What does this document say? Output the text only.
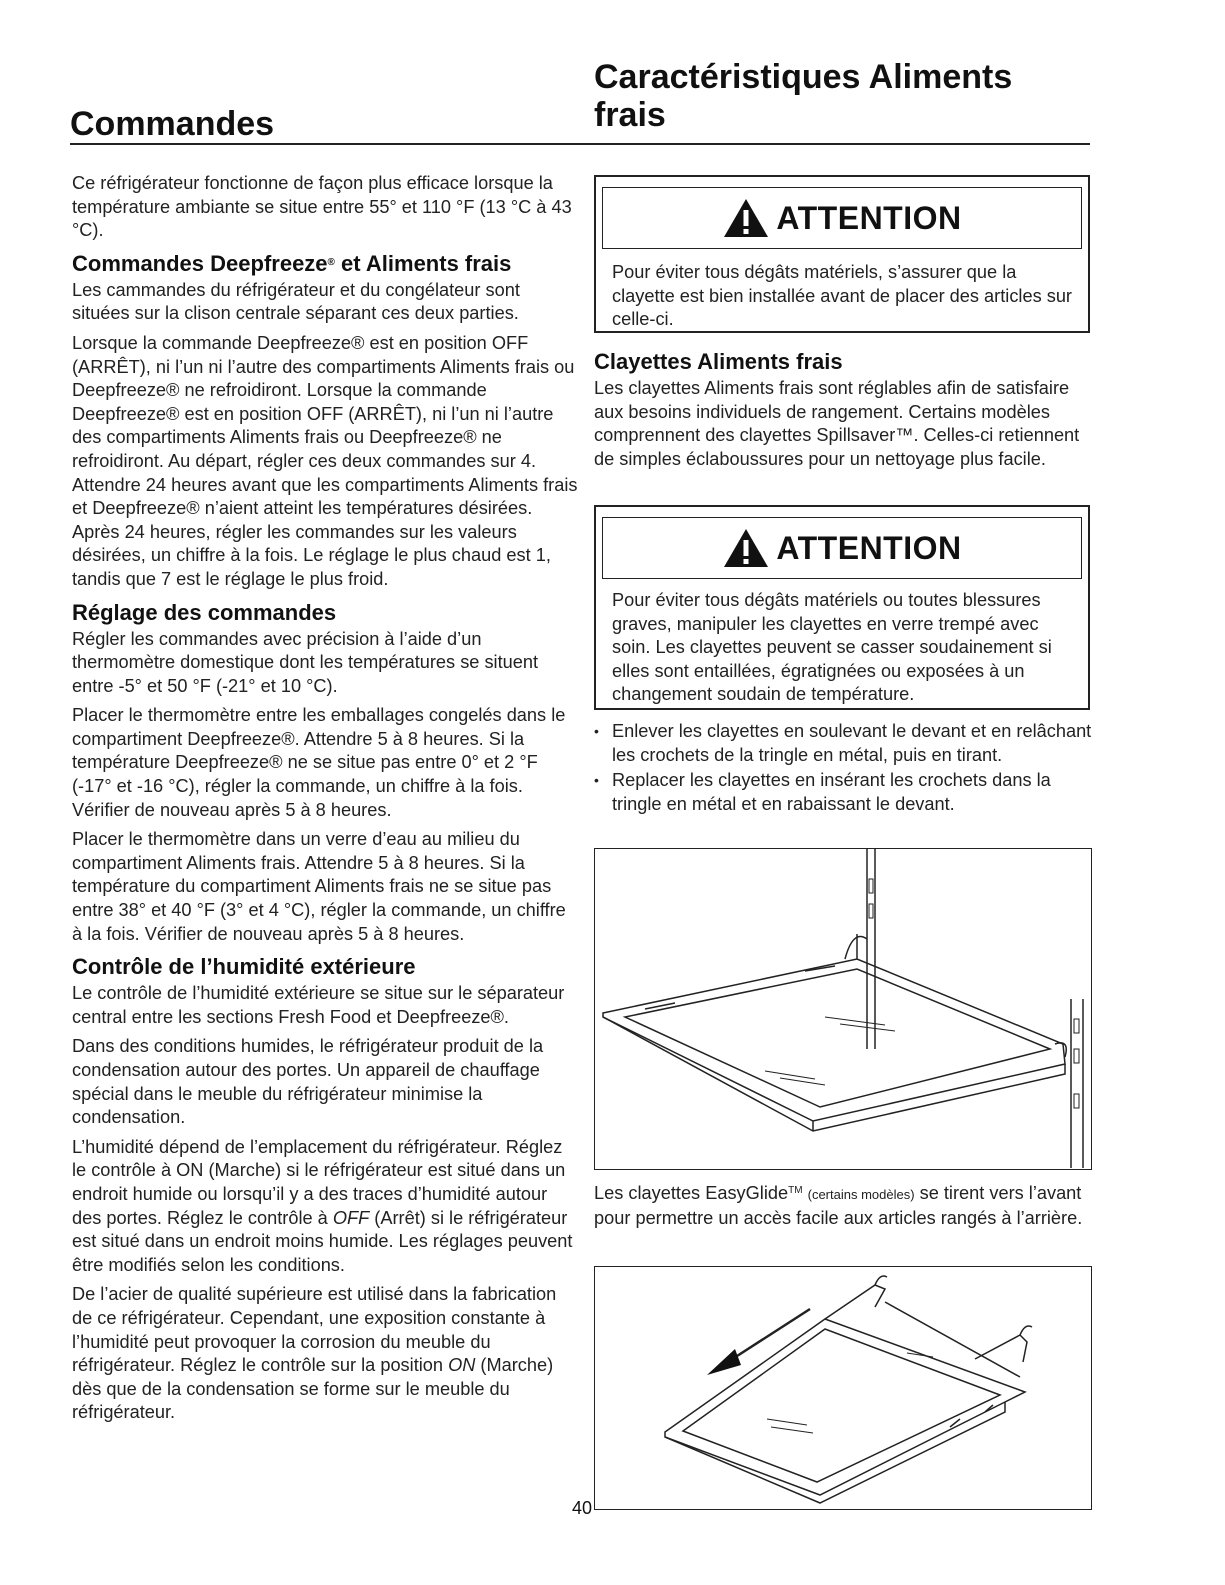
Commandes
Caractéristiques Aliments
frais

Ce réfrigérateur fonctionne de façon plus efficace lorsque la température ambiante se situe entre 55° et 110 °F (13 °C à 43 °C).

Commandes Deepfreeze® et Aliments frais

Les cammandes du réfrigérateur et du congélateur sont situées sur la clison centrale séparant ces deux parties.

Lorsque la commande Deepfreeze® est en position OFF (ARRÊT), ni l’un ni l’autre des compartiments Aliments frais ou Deepfreeze® ne refroidiront. Lorsque la commande Deepfreeze® est en position OFF (ARRÊT), ni l’un ni l’autre des compartiments Aliments frais ou Deepfreeze® ne refroidiront. Au départ, régler ces deux commandes sur 4. Attendre 24 heures avant que les compartiments Aliments frais et Deepfreeze® n’aient atteint les températures désirées. Après 24 heures, régler les commandes sur les valeurs désirées, un chiffre à la fois. Le réglage le plus chaud est 1, tandis que 7 est le réglage le plus froid.

Réglage des commandes

Régler les commandes avec précision à l’aide d’un thermomètre domestique dont les températures se situent entre -5° et 50 °F (-21° et 10 °C).

Placer le thermomètre entre les emballages congelés dans le compartiment Deepfreeze®. Attendre 5 à 8 heures. Si la température Deepfreeze® ne se situe pas entre 0° et 2 °F (-17° et -16 °C), régler la commande, un chiffre à la fois. Vérifier de nouveau après 5 à 8 heures.

Placer le thermomètre dans un verre d’eau au milieu du compartiment Aliments frais. Attendre 5 à 8 heures. Si la température du compartiment Aliments frais ne se situe pas entre 38° et 40 °F (3° et 4 °C), régler la commande, un chiffre à la fois. Vérifier de nouveau après 5 à 8 heures.

Contrôle de l’humidité extérieure

Le contrôle de l’humidité extérieure se situe sur le séparateur central entre les sections Fresh Food et Deepfreeze®.

Dans des conditions humides, le réfrigérateur produit de la condensation autour des portes. Un appareil de chauffage spécial dans le meuble du réfrigérateur minimise la condensation.

L’humidité dépend de l’emplacement du réfrigérateur. Réglez le contrôle à ON (Marche) si le réfrigérateur est situé dans un endroit humide ou lorsqu’il y a des traces d’humidité autour des portes. Réglez le contrôle à OFF (Arrêt) si le réfrigérateur est situé dans un endroit moins humide. Les réglages peuvent être modifiés selon les conditions.

De l’acier de qualité supérieure est utilisé dans la fabrication de ce réfrigérateur. Cependant, une exposition constante à l’humidité peut provoquer la corrosion du meuble du réfrigérateur. Réglez le contrôle sur la position ON (Marche) dès que de la condensation se forme sur le meuble du réfrigérateur.

ATTENTION
Pour éviter tous dégâts matériels, s’assurer que la clayette est bien installée avant de placer des articles sur celle-ci.
Clayettes Aliments frais

Les clayettes Aliments frais sont réglables afin de satisfaire aux besoins individuels de rangement. Certains modèles comprennent des clayettes Spillsaver™. Celles-ci retiennent de simples éclaboussures pour un nettoyage plus facile.

ATTENTION
Pour éviter tous dégâts matériels ou toutes blessures graves, manipuler les clayettes en verre trempé avec soin. Les clayettes peuvent se casser soudainement si elles sont entaillées, égratignées ou exposées à un changement soudain de température.
• Enlever les clayettes en soulevant le devant et en relâchant les crochets de la tringle en métal, puis en tirant.
• Replacer les clayettes en insérant les crochets dans la tringle en métal et en rabaissant le devant.

Les clayettes EasyGlide™ (certains modèles) se tirent vers l’avant pour permettre un accès facile aux articles rangés à l’arrière.

40
